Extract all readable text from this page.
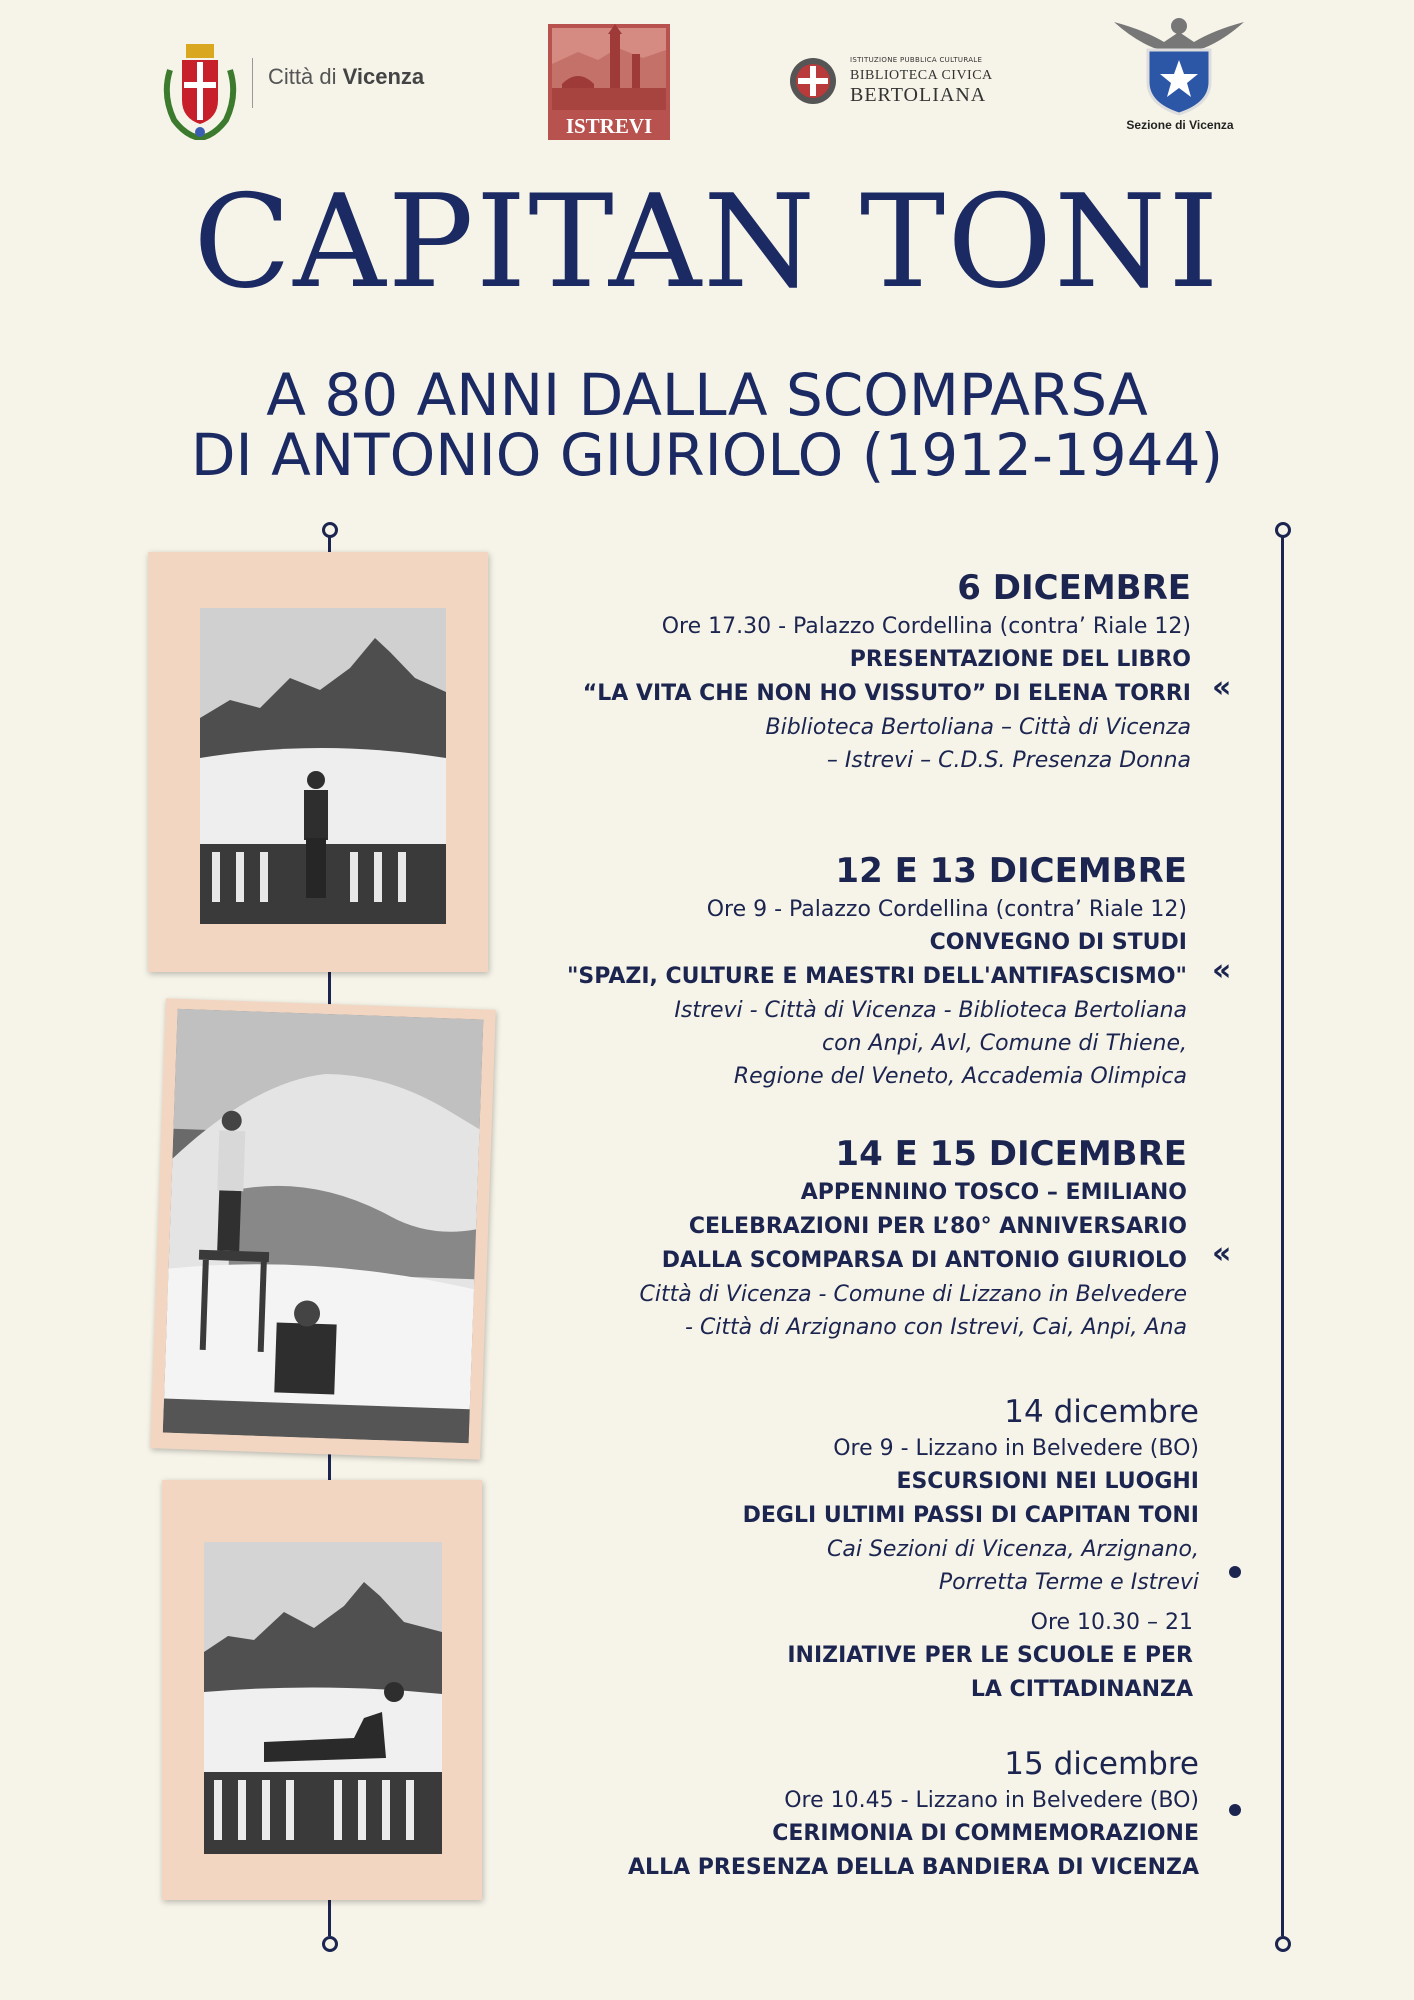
Città di Vicenza
ISTREVI
ISTITUZIONE PUBBLICA CULTURALE
BIBLIOTECA CIVICA
BERTOLIANA
Sezione di Vicenza
CAPITAN TONI
A 80 ANNI DALLA SCOMPARSA
DI ANTONIO GIURIOLO (1912-1944)
6 DICEMBRE
Ore 17.30 - Palazzo Cordellina (contra’ Riale 12)
PRESENTAZIONE DEL LIBRO
“LA VITA CHE NON HO VISSUTO” DI ELENA TORRI
Biblioteca Bertoliana – Città di Vicenza
– Istrevi – C.D.S. Presenza Donna
«
12 E 13 DICEMBRE
Ore 9 - Palazzo Cordellina (contra’ Riale 12)
CONVEGNO DI STUDI
"SPAZI, CULTURE E MAESTRI DELL'ANTIFASCISMO"
Istrevi - Città di Vicenza - Biblioteca Bertoliana
con Anpi, Avl, Comune di Thiene,
Regione del Veneto, Accademia Olimpica
«
14 E 15 DICEMBRE
APPENNINO TOSCO – EMILIANO
CELEBRAZIONI PER L’80° ANNIVERSARIO
DALLA SCOMPARSA DI ANTONIO GIURIOLO
Città di Vicenza - Comune di Lizzano in Belvedere
- Città di Arzignano con Istrevi, Cai, Anpi, Ana
«
14 dicembre
Ore 9 - Lizzano in Belvedere (BO)
ESCURSIONI NEI LUOGHI
DEGLI ULTIMI PASSI DI CAPITAN TONI
Cai Sezioni di Vicenza, Arzignano,
Porretta Terme e Istrevi
Ore 10.30 – 21
INIZIATIVE PER LE SCUOLE E PER
LA CITTADINANZA
15 dicembre
Ore 10.45 - Lizzano in Belvedere (BO)
CERIMONIA DI COMMEMORAZIONE
ALLA PRESENZA DELLA BANDIERA DI VICENZA
